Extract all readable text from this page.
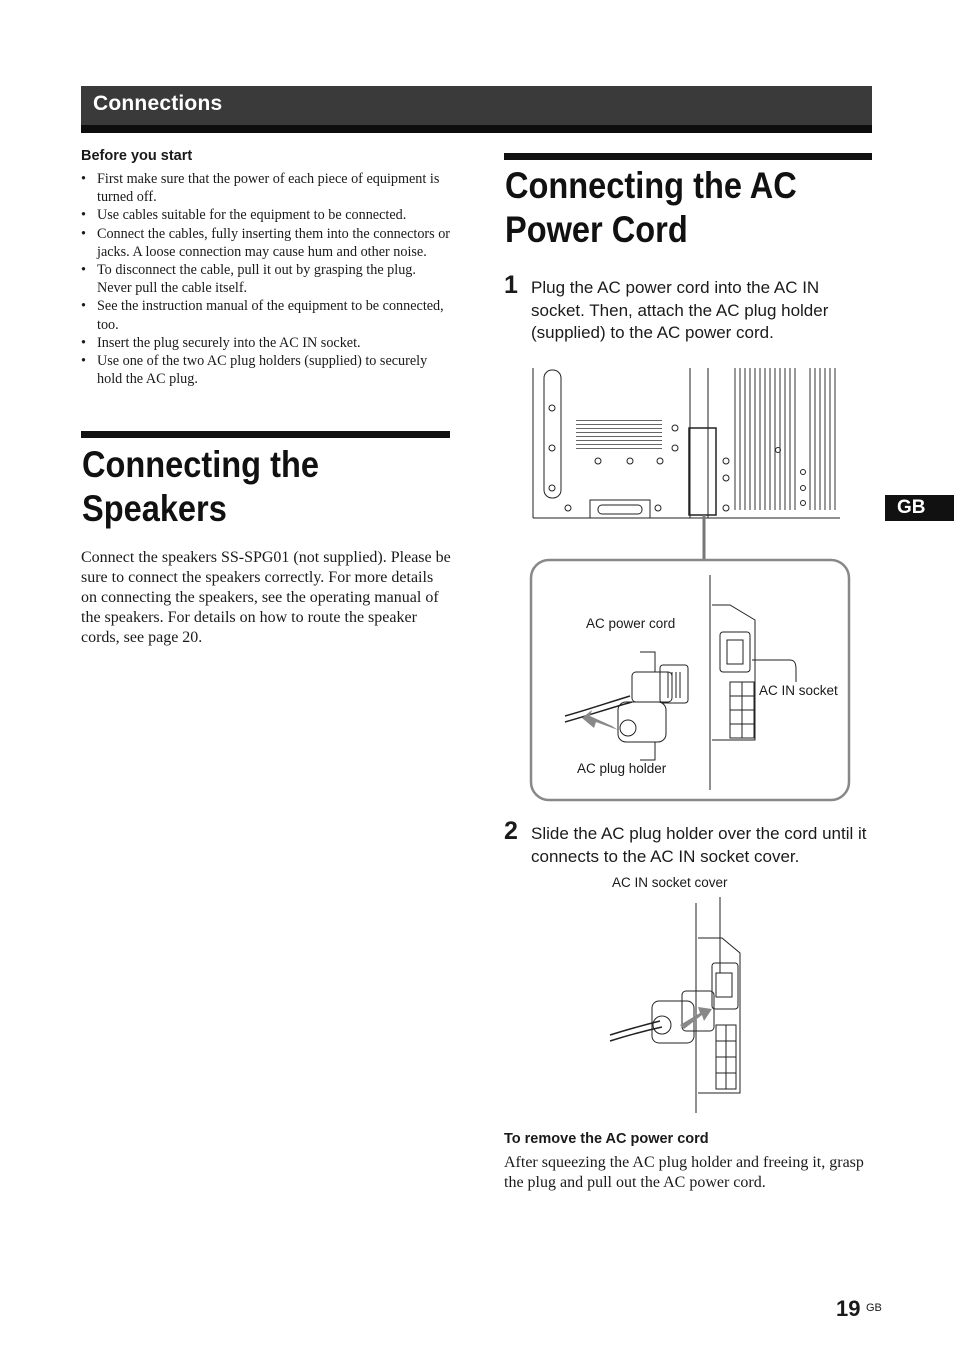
Connections
Before you start
• First make sure that the power of each piece of equipment is turned off.
• Use cables suitable for the equipment to be connected.
• Connect the cables, fully inserting them into the connectors or jacks. A loose connection may cause hum and other noise.
• To disconnect the cable, pull it out by grasping the plug. Never pull the cable itself.
• See the instruction manual of the equipment to be connected, too.
• Insert the plug securely into the AC IN socket.
• Use one of the two AC plug holders (supplied) to securely hold the AC plug.
Connecting the
Speakers
Connect the speakers SS-SPG01 (not supplied). Please be sure to connect the speakers correctly. For more details on connecting the speakers, see the operating manual of the speakers. For details on how to route the speaker cords, see page 20.
Connecting the AC
Power Cord
1 Plug the AC power cord into the AC IN socket. Then, attach the AC plug holder (supplied) to the AC power cord.
AC power cord
AC IN socket
AC plug holder
2 Slide the AC plug holder over the cord until it connects to the AC IN socket cover.
AC IN socket cover
To remove the AC power cord
After squeezing the AC plug holder and freeing it, grasp the plug and pull out the AC power cord.
GB
19 GB
